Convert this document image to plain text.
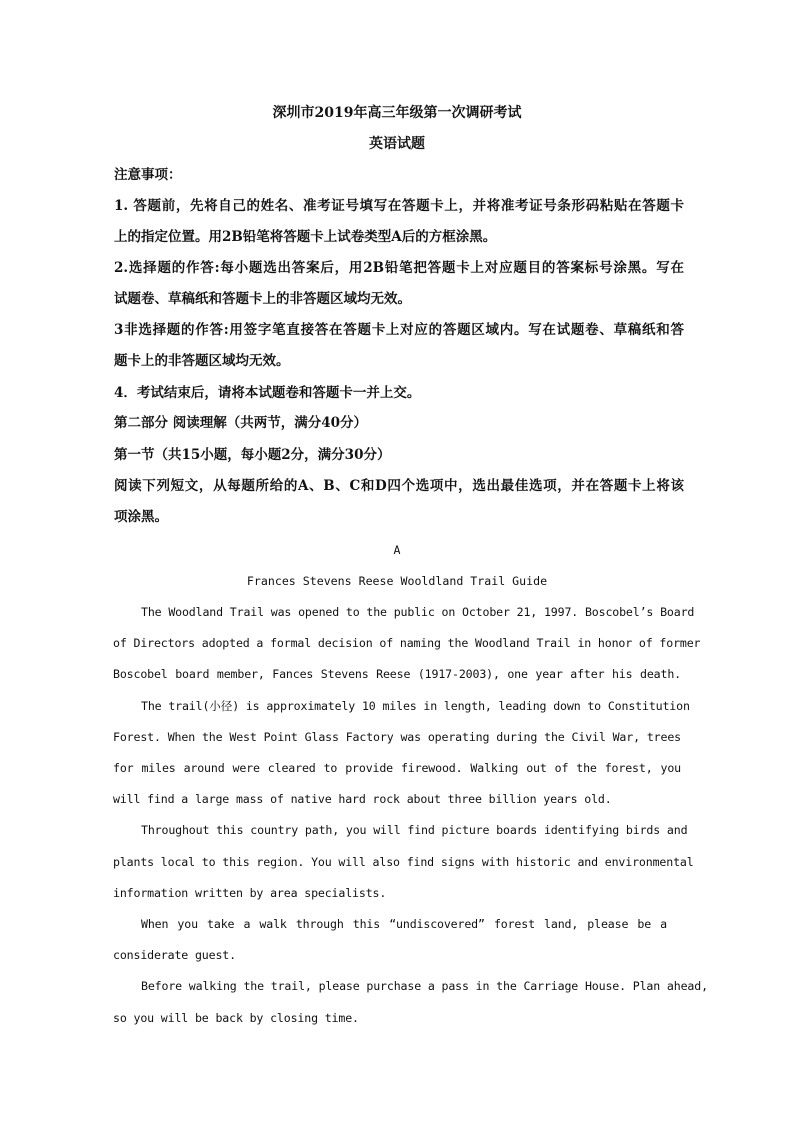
深圳市2019年高三年级第一次调研考试
英语试题

注意事项：

1. 答题前，先将自己的姓名、准考证号填写在答题卡上，并将准考证号条形码粘贴在答题卡

上的指定位置。用2B铅笔将答题卡上试卷类型A后的方框涂黑。

2.选择题的作答:每小题选出答案后，用2B铅笔把答题卡上对应题目的答案标号涂黑。写在

试题卷、草稿纸和答题卡上的非答题区域均无效。

3非选择题的作答:用签字笔直接答在答题卡上对应的答题区域内。写在试题卷、草稿纸和答

题卡上的非答题区域均无效。

4．考试结束后，请将本试题卷和答题卡一并上交。

第二部分 阅读理解（共两节，满分40分）

第一节（共15小题，每小题2分，满分30分）

阅读下列短文，从每题所给的A、B、C和D四个选项中，选出最佳选项，并在答题卡上将该

项涂黑。

A

Frances Stevens Reese Wooldland Trail Guide

The Woodland Trail was opened to the public on October 21, 1997. Boscobel’s Board

of Directors adopted a formal decision of naming the Woodland Trail in honor of former

Boscobel board member, Fances Stevens Reese (1917-2003), one year after his death.

The trail(小径) is approximately 10 miles in length, leading down to Constitution

Forest. When the West Point Glass Factory was operating during the Civil War, trees

for miles around were cleared to provide firewood. Walking out of the forest, you

will find a large mass of native hard rock about three billion years old.

Throughout this country path, you will find picture boards identifying birds and

plants local to this region. You will also find signs with historic and environmental

information written by area specialists.

When you take a walk through this “undiscovered” forest land, please be a

considerate guest.

Before walking the trail, please purchase a pass in the Carriage House. Plan ahead,

so you will be back by closing time.
